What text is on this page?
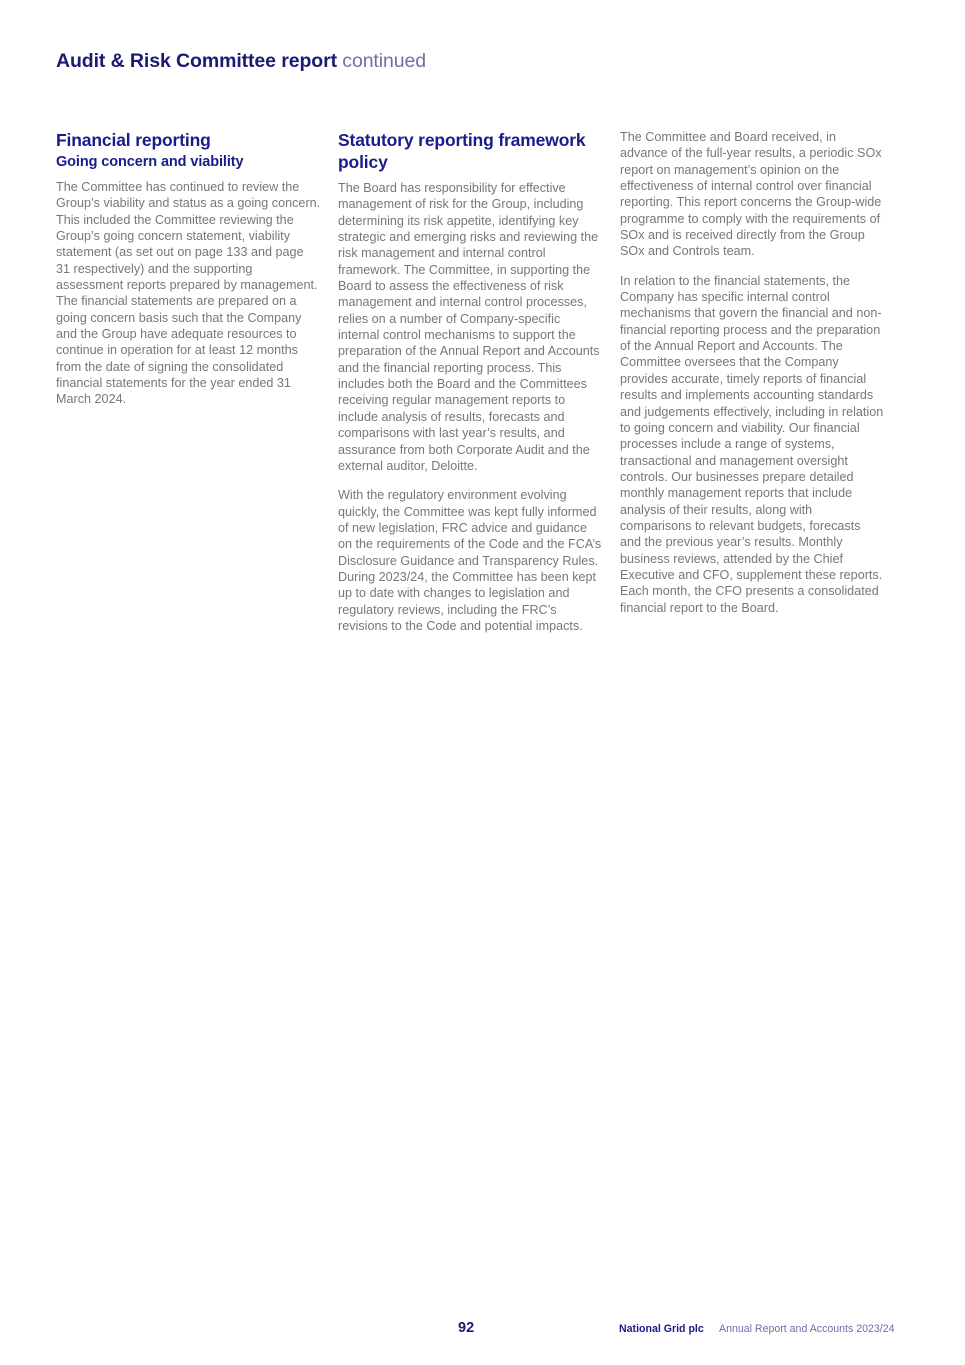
Audit & Risk Committee report continued
Financial reporting
Going concern and viability

The Committee has continued to review the Group’s viability and status as a going concern. This included the Committee reviewing the Group’s going concern statement, viability statement (as set out on page 133 and page 31 respectively) and the supporting assessment reports prepared by management. The financial statements are prepared on a going concern basis such that the Company and the Group have adequate resources to continue in operation for at least 12 months from the date of signing the consolidated financial statements for the year ended 31 March 2024.

Statutory reporting framework policy

The Board has responsibility for effective management of risk for the Group, including determining its risk appetite, identifying key strategic and emerging risks and reviewing the risk management and internal control framework. The Committee, in supporting the Board to assess the effectiveness of risk management and internal control processes, relies on a number of Company-specific internal control mechanisms to support the preparation of the Annual Report and Accounts and the financial reporting process. This includes both the Board and the Committees receiving regular management reports to include analysis of results, forecasts and comparisons with last year’s results, and assurance from both Corporate Audit and the external auditor, Deloitte.

With the regulatory environment evolving quickly, the Committee was kept fully informed of new legislation, FRC advice and guidance on the requirements of the Code and the FCA’s Disclosure Guidance and Transparency Rules. During 2023/24, the Committee has been kept up to date with changes to legislation and regulatory reviews, including the FRC’s revisions to the Code and potential impacts.

The Committee and Board received, in advance of the full-year results, a periodic SOx report on management’s opinion on the effectiveness of internal control over financial reporting. This report concerns the Group-wide programme to comply with the requirements of SOx and is received directly from the Group SOx and Controls team.

In relation to the financial statements, the Company has specific internal control mechanisms that govern the financial and non-financial reporting process and the preparation of the Annual Report and Accounts. The Committee oversees that the Company provides accurate, timely reports of financial results and implements accounting standards and judgements effectively, including in relation to going concern and viability. Our financial processes include a range of systems, transactional and management oversight controls. Our businesses prepare detailed monthly management reports that include analysis of their results, along with comparisons to relevant budgets, forecasts and the previous year’s results. Monthly business reviews, attended by the Chief Executive and CFO, supplement these reports. Each month, the CFO presents a consolidated financial report to the Board.

92	National Grid plc Annual Report and Accounts 2023/24
